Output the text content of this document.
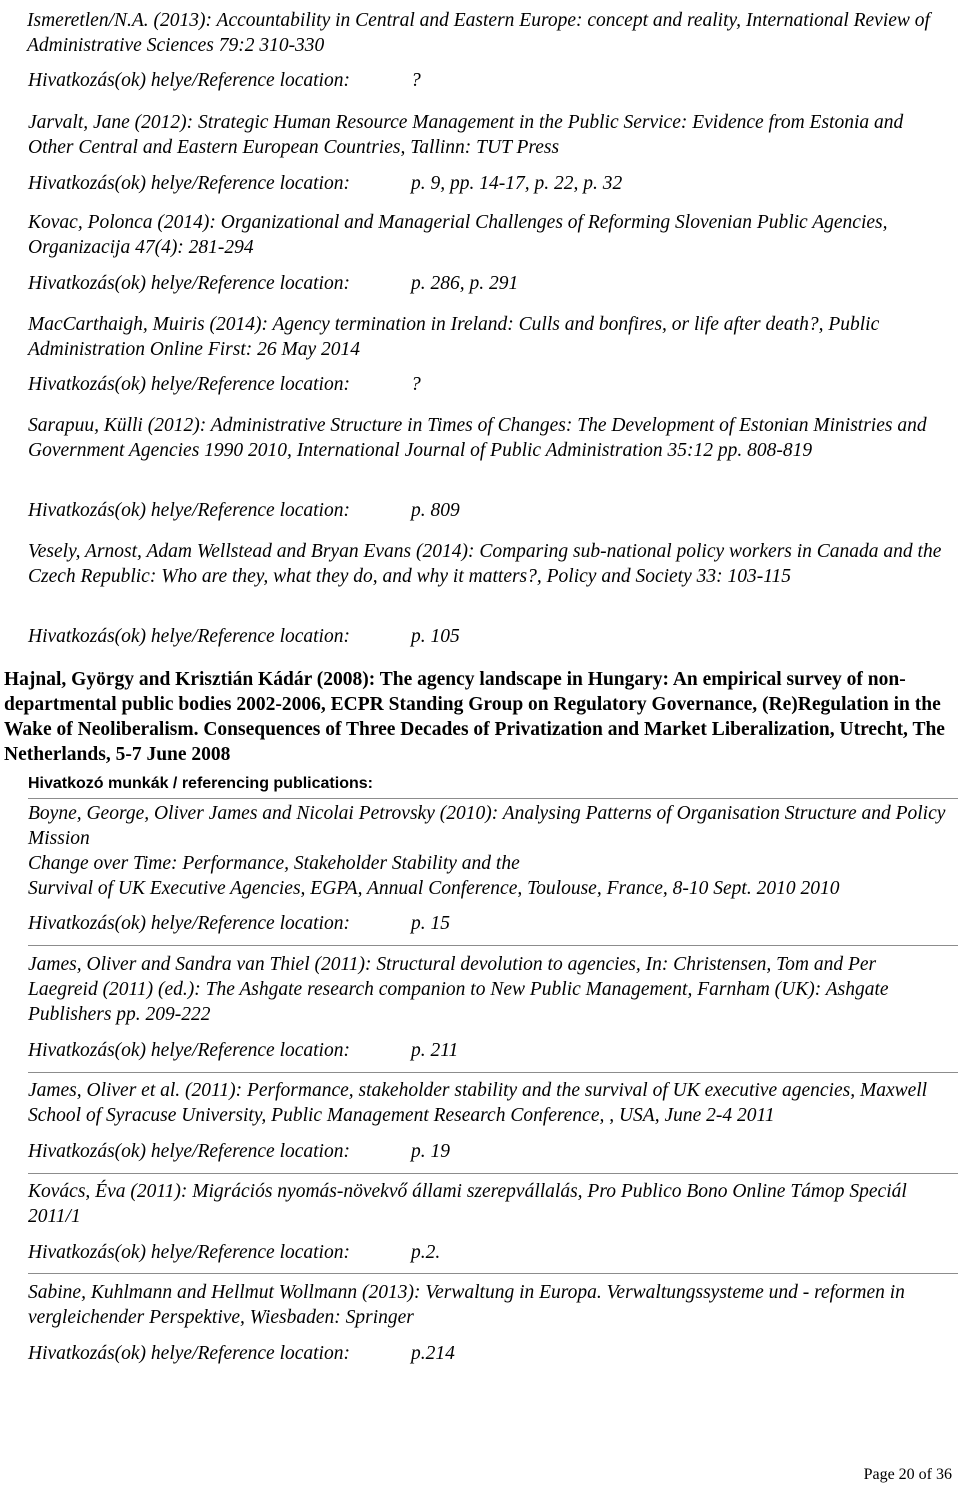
Ismeretlen/N.A. (2013): Accountability in Central and Eastern Europe: concept and reality, International Review of Administrative Sciences 79:2 310-330

Hivatkozás(ok) helye/Reference location:	?

Jarvalt, Jane (2012): Strategic Human Resource Management in the Public Service: Evidence from Estonia and Other Central and Eastern European Countries, Tallinn: TUT Press

Hivatkozás(ok) helye/Reference location:	p. 9, pp. 14-17, p. 22, p. 32

Kovac, Polonca (2014): Organizational and Managerial Challenges of Reforming Slovenian Public Agencies, Organizacija 47(4): 281-294

Hivatkozás(ok) helye/Reference location:	p. 286, p. 291

MacCarthaigh, Muiris (2014): Agency termination in Ireland: Culls and bonfires, or life after death?, Public Administration Online First: 26 May 2014

Hivatkozás(ok) helye/Reference location:	?

Sarapuu, Külli (2012): Administrative Structure in Times of Changes: The Development of Estonian Ministries and Government Agencies 1990 2010, International Journal of Public Administration 35:12 pp. 808-819

Hivatkozás(ok) helye/Reference location:	p. 809

Vesely, Arnost, Adam Wellstead and Bryan Evans (2014): Comparing sub-national policy workers in Canada and the Czech Republic: Who are they, what they do, and why it matters?, Policy and Society 33: 103-115

Hivatkozás(ok) helye/Reference location:	p. 105

Hajnal, György and Krisztián Kádár (2008): The agency landscape in Hungary: An empirical survey of non-departmental public bodies 2002-2006, ECPR Standing Group on Regulatory Governance, (Re)Regulation in the Wake of Neoliberalism. Consequences of Three Decades of Privatization and Market Liberalization, Utrecht, The Netherlands, 5-7 June 2008

Hivatkozó munkák / referencing publications:

Boyne, George, Oliver James and Nicolai Petrovsky (2010): Analysing Patterns of Organisation Structure and Policy Mission
Change over Time: Performance, Stakeholder Stability and the
Survival of UK Executive Agencies, EGPA, Annual Conference, Toulouse, France, 8-10 Sept. 2010 2010

Hivatkozás(ok) helye/Reference location:	p. 15

James, Oliver and Sandra van Thiel (2011): Structural devolution to agencies, In: Christensen, Tom and Per Laegreid (2011) (ed.): The Ashgate research companion to New Public Management, Farnham (UK): Ashgate Publishers pp. 209-222

Hivatkozás(ok) helye/Reference location:	p. 211

James, Oliver et al. (2011): Performance, stakeholder stability and the survival of UK executive agencies, Maxwell School of Syracuse University, Public Management Research Conference, , USA, June 2-4 2011

Hivatkozás(ok) helye/Reference location:	p. 19

Kovács, Éva (2011): Migrációs nyomás-növekvő állami szerepvállalás, Pro Publico Bono Online Támop Speciál 2011/1

Hivatkozás(ok) helye/Reference location:	p.2.

Sabine, Kuhlmann and Hellmut Wollmann (2013): Verwaltung in Europa. Verwaltungssysteme und - reformen in vergleichender Perspektive, Wiesbaden: Springer

Hivatkozás(ok) helye/Reference location:	p.214
Page 20 of 36
